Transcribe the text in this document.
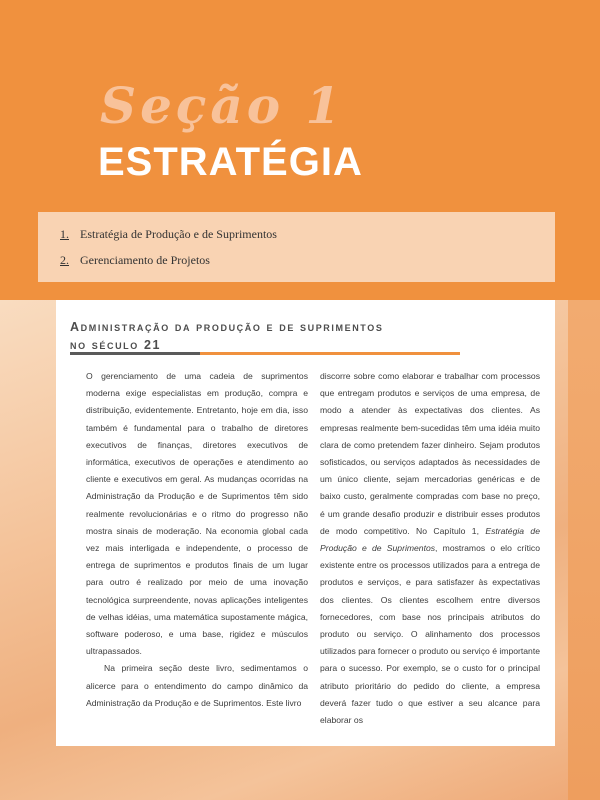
Seção 1
ESTRATÉGIA
1. Estratégia de Produção e de Suprimentos
2. Gerenciamento de Projetos
Administração da produção e de suprimentos
no século 21

O gerenciamento de uma cadeia de suprimentos moderna exige especialistas em produção, compra e distribuição, evidentemente. Entretanto, hoje em dia, isso também é fundamental para o trabalho de diretores executivos de finanças, diretores executivos de informática, executivos de operações e atendimento ao cliente e executivos em geral. As mudanças ocorridas na Administração da Produção e de Suprimentos têm sido realmente revolucionárias e o ritmo do progresso não mostra sinais de moderação. Na economia global cada vez mais interligada e independente, o processo de entrega de suprimentos e produtos finais de um lugar para outro é realizado por meio de uma inovação tecnológica surpreendente, novas aplicações inteligentes de velhas idéias, uma matemática supostamente mágica, software poderoso, e uma base, rigidez e músculos ultrapassados.

Na primeira seção deste livro, sedimentamos o alicerce para o entendimento do campo dinâmico da Administração da Produção e de Suprimentos. Este livro

discorre sobre como elaborar e trabalhar com processos que entregam produtos e serviços de uma empresa, de modo a atender às expectativas dos clientes. As empresas realmente bem-sucedidas têm uma idéia muito clara de como pretendem fazer dinheiro. Sejam produtos sofisticados, ou serviços adaptados às necessidades de um único cliente, sejam mercadorias genéricas e de baixo custo, geralmente compradas com base no preço, é um grande desafio produzir e distribuir esses produtos de modo competitivo. No Capítulo 1, Estratégia de Produção e de Suprimentos, mostramos o elo crítico existente entre os processos utilizados para a entrega de produtos e serviços, e para satisfazer às expectativas dos clientes. Os clientes escolhem entre diversos fornecedores, com base nos principais atributos do produto ou serviço. O alinhamento dos processos utilizados para fornecer o produto ou serviço é importante para o sucesso. Por exemplo, se o custo for o principal atributo prioritário do pedido do cliente, a empresa deverá fazer tudo o que estiver a seu alcance para elaborar os
